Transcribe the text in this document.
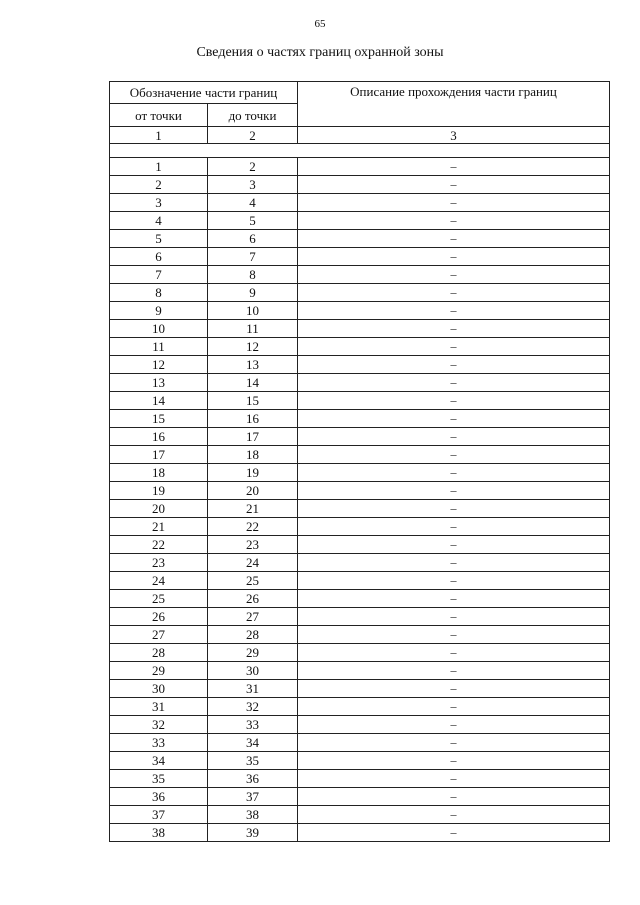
65
Сведения о частях границ охранной зоны
Обозначение части границ		Описание прохождения части границ
от точки	до точки	
1	2	3

1	2	–
2	3	–
3	4	–
4	5	–
5	6	–
6	7	–
7	8	–
8	9	–
9	10	–
10	11	–
11	12	–
12	13	–
13	14	–
14	15	–
15	16	–
16	17	–
17	18	–
18	19	–
19	20	–
20	21	–
21	22	–
22	23	–
23	24	–
24	25	–
25	26	–
26	27	–
27	28	–
28	29	–
29	30	–
30	31	–
31	32	–
32	33	–
33	34	–
34	35	–
35	36	–
36	37	–
37	38	–
38	39	–
